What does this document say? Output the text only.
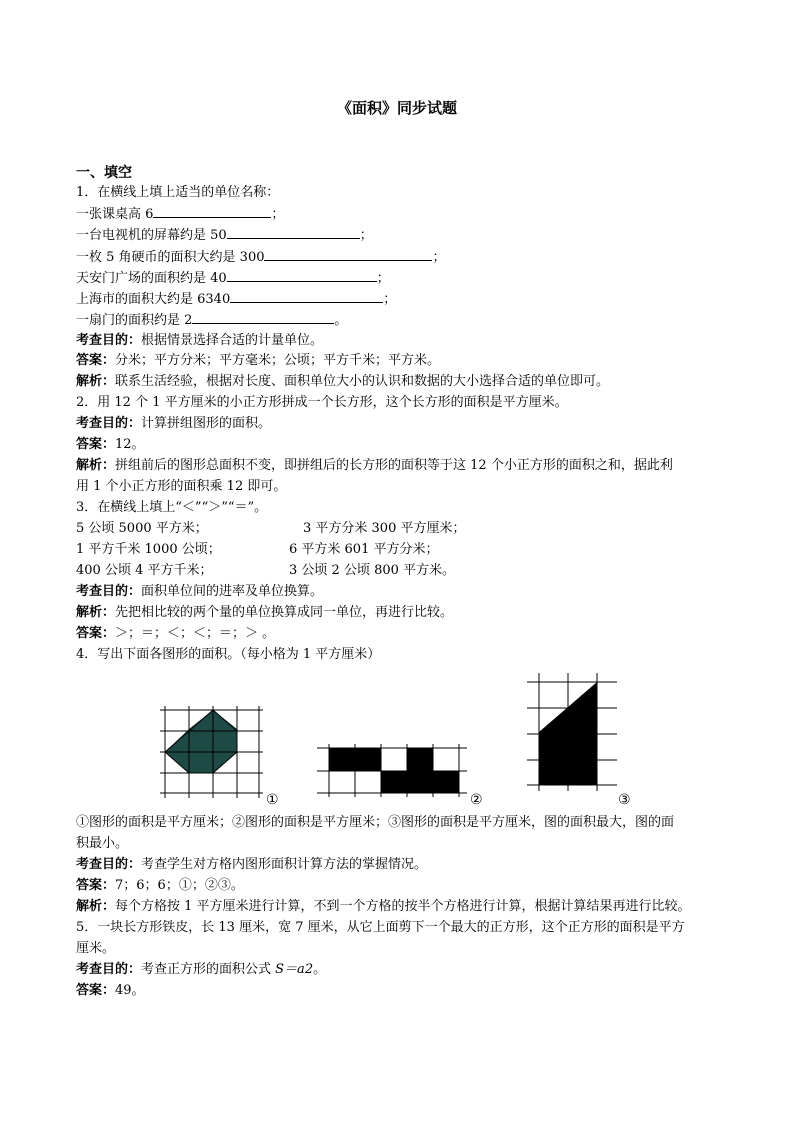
《面积》同步试题
一、填空
1．在横线上填上适当的单位名称：
一张课桌高 6	；
一台电视机的屏幕约是 50	；
一枚 5 角硬币的面积大约是 300	；
天安门广场的面积约是 40	；
上海市的面积大约是 6340	；
一扇门的面积约是 2	。
考查目的：根据情景选择合适的计量单位。
答案：分米；平方分米；平方毫米；公顷；平方千米；平方米。
解析：联系生活经验，根据对长度、面积单位大小的认识和数据的大小选择合适的单位即可。
2．用 12 个 1 平方厘米的小正方形拼成一个长方形，这个长方形的面积是平方厘米。
考查目的：计算拼组图形的面积。
答案：12。
解析：拼组前后的图形总面积不变，即拼组后的长方形的面积等于这 12 个小正方形的面积之和，据此利
用 1 个小正方形的面积乘 12 即可。
3．在横线上填上“＜”“＞”“＝”。
5 公顷 5000 平方米；	3 平方分米 300 平方厘米；
1 平方千米 1000 公顷；	6 平方米 601 平方分米；
400 公顷 4 平方千米；	3 公顷 2 公顷 800 平方米。
考查目的：面积单位间的进率及单位换算。
解析：先把相比较的两个量的单位换算成同一单位，再进行比较。
答案：＞；＝；＜；＜；＝；＞ 。
4．写出下面各图形的面积。（每小格为 1 平方厘米）
①	②	③
①图形的面积是平方厘米；②图形的面积是平方厘米；③图形的面积是平方厘米，图的面积最大，图的面
积最小。
考查目的：考查学生对方格内图形面积计算方法的掌握情况。
答案：7；6；6；①；②③。
解析：每个方格按 1 平方厘米进行计算，不到一个方格的按半个方格进行计算，根据计算结果再进行比较。
5．一块长方形铁皮，长 13 厘米，宽 7 厘米，从它上面剪下一个最大的正方形，这个正方形的面积是平方
厘米。
考查目的：考查正方形的面积公式 S＝a2。
答案：49。
